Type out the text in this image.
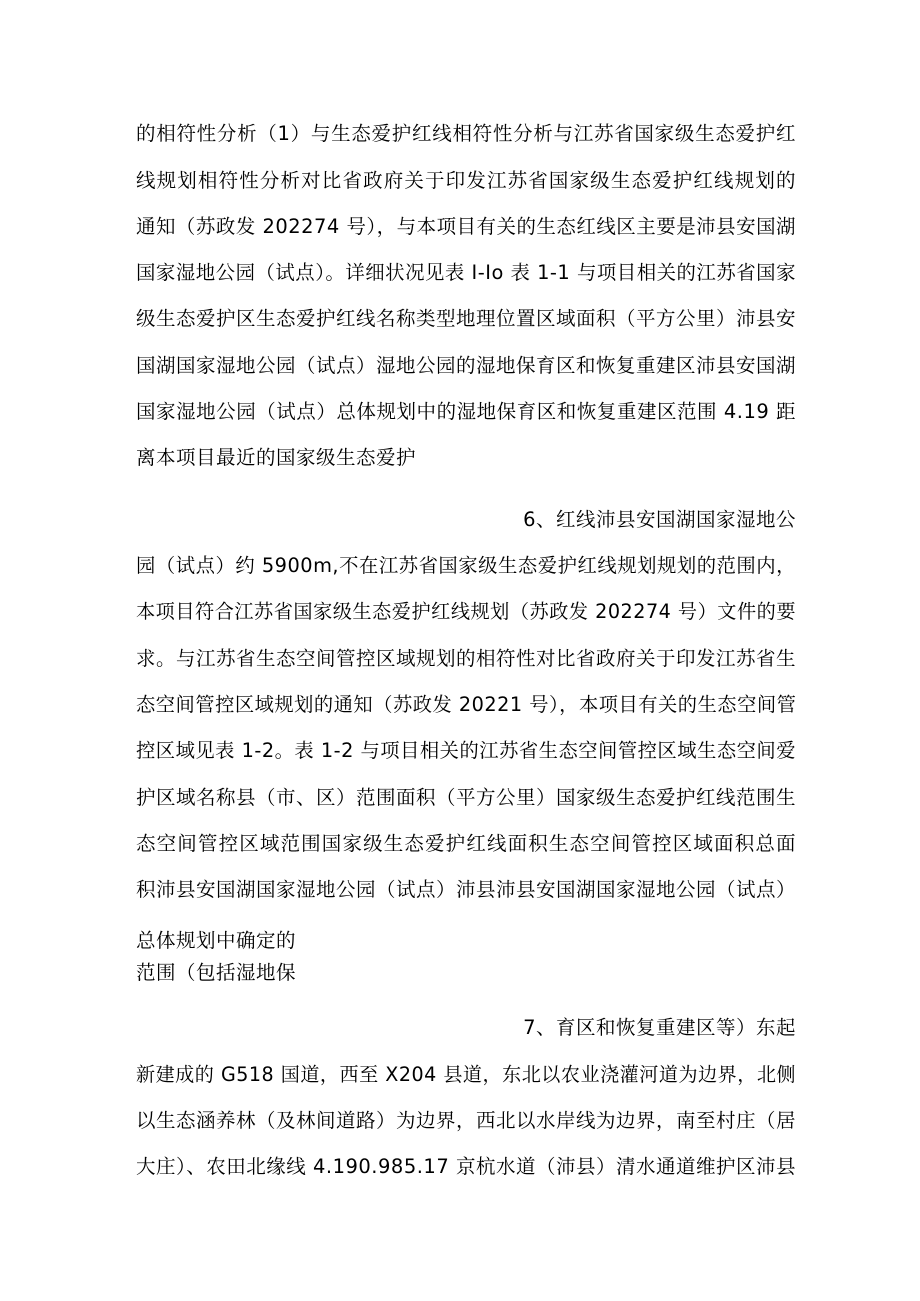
的相符性分析（1）与生态爱护红线相符性分析与江苏省国家级生态爱护红
线规划相符性分析对比省政府关于印发江苏省国家级生态爱护红线规划的
通知（苏政发 202274 号），与本项目有关的生态红线区主要是沛县安国湖
国家湿地公园（试点）。详细状况见表 I-Io 表 1-1 与项目相关的江苏省国家
级生态爱护区生态爱护红线名称类型地理位置区域面积（平方公里）沛县安
国湖国家湿地公园（试点）湿地公园的湿地保育区和恢复重建区沛县安国湖
国家湿地公园（试点）总体规划中的湿地保育区和恢复重建区范围 4.19 距
离本项目最近的国家级生态爱护
6、红线沛县安国湖国家湿地公
园（试点）约 5900m,不在江苏省国家级生态爱护红线规划规划的范围内，
本项目符合江苏省国家级生态爱护红线规划（苏政发 202274 号）文件的要
求。与江苏省生态空间管控区域规划的相符性对比省政府关于印发江苏省生
态空间管控区域规划的通知（苏政发 20221 号），本项目有关的生态空间管
控区域见表 1-2。表 1-2 与项目相关的江苏省生态空间管控区域生态空间爱
护区域名称县（市、区）范围面积（平方公里）国家级生态爱护红线范围生
态空间管控区域范围国家级生态爱护红线面积生态空间管控区域面积总面
积沛县安国湖国家湿地公园（试点）沛县沛县安国湖国家湿地公园（试点）
总体规划中确定的
范围（包括湿地保
7、育区和恢复重建区等）东起
新建成的 G518 国道，西至 X204 县道，东北以农业浇灌河道为边界，北侧
以生态涵养林（及林间道路）为边界，西北以水岸线为边界，南至村庄（居
大庄）、农田北缘线 4.190.985.17 京杭水道（沛县）清水通道维护区沛县
